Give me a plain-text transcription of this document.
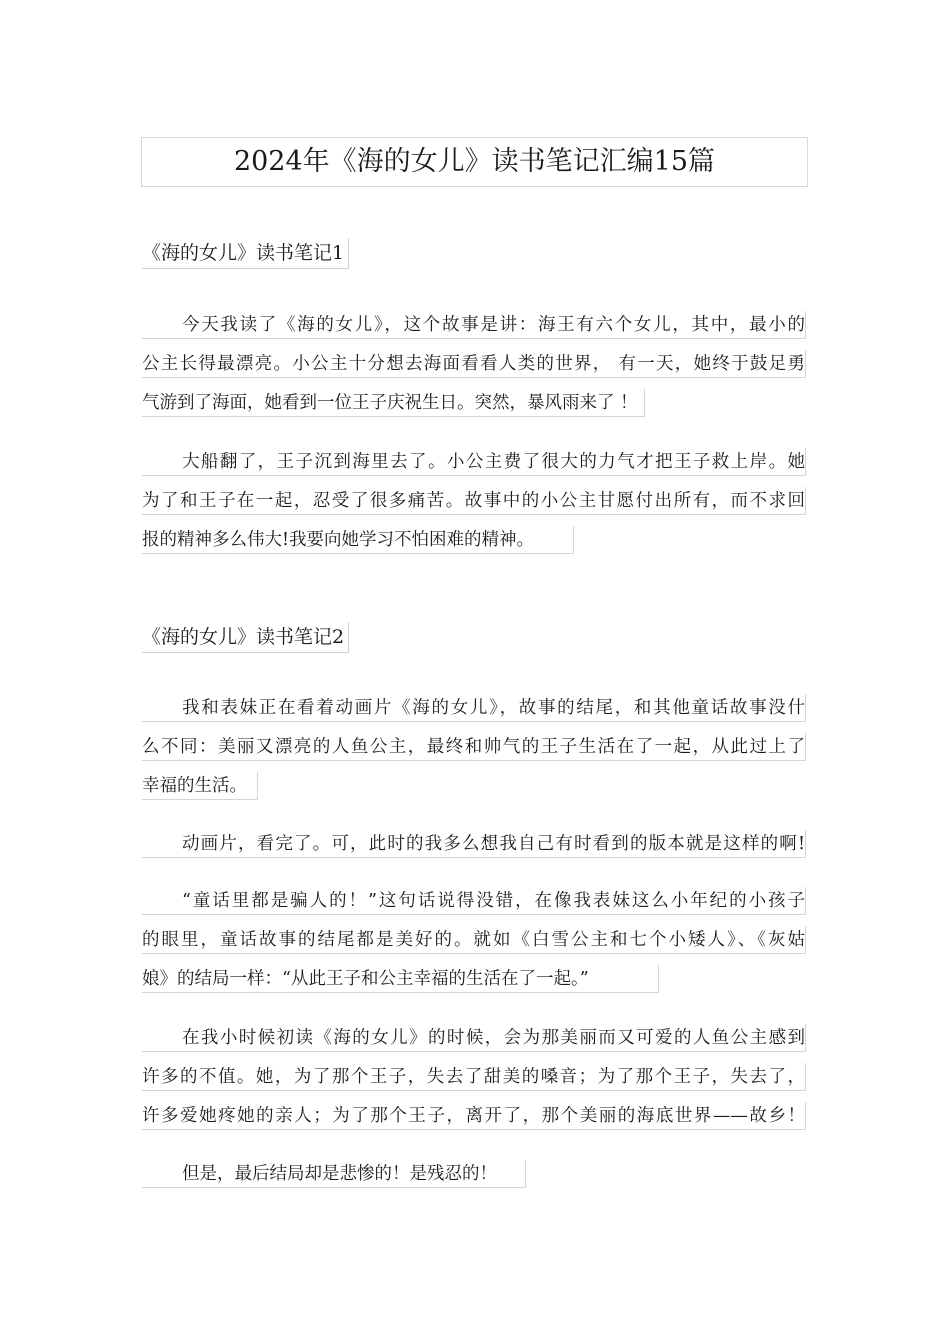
2024年《海的女儿》读书笔记汇编15篇
《海的女儿》读书笔记1
今天我读了《海的女儿》，这个故事是讲：海王有六个女儿，其中，最小的
公主长得最漂亮。小公主十分想去海面看看人类的世界， 有一天，她终于鼓足勇
气游到了海面，她看到一位王子庆祝生日。突然，暴风雨来了 ！
大船翻了，王子沉到海里去了。小公主费了很大的力气才把王子救上岸。她
为了和王子在一起，忍受了很多痛苦。故事中的小公主甘愿付出所有，而不求回
报的精神多么伟大!我要向她学习不怕困难的精神。
《海的女儿》读书笔记2
我和表妹正在看着动画片《海的女儿》，故事的结尾，和其他童话故事没什
么不同：美丽又漂亮的人鱼公主，最终和帅气的王子生活在了一起，从此过上了
幸福的生活。
动画片，看完了。可，此时的我多么想我自己有时看到的版本就是这样的啊!
“童话里都是骗人的！”这句话说得没错，在像我表妹这么小年纪的小孩子
的眼里，童话故事的结尾都是美好的。就如《白雪公主和七个小矮人》、《灰姑
娘》的结局一样：“从此王子和公主幸福的生活在了一起。”
在我小时候初读《海的女儿》的时候，会为那美丽而又可爱的人鱼公主感到
许多的不值。她，为了那个王子，失去了甜美的嗓音；为了那个王子，失去了，
许多爱她疼她的亲人；为了那个王子，离开了，那个美丽的海底世界——故乡！
但是，最后结局却是悲惨的！是残忍的！
